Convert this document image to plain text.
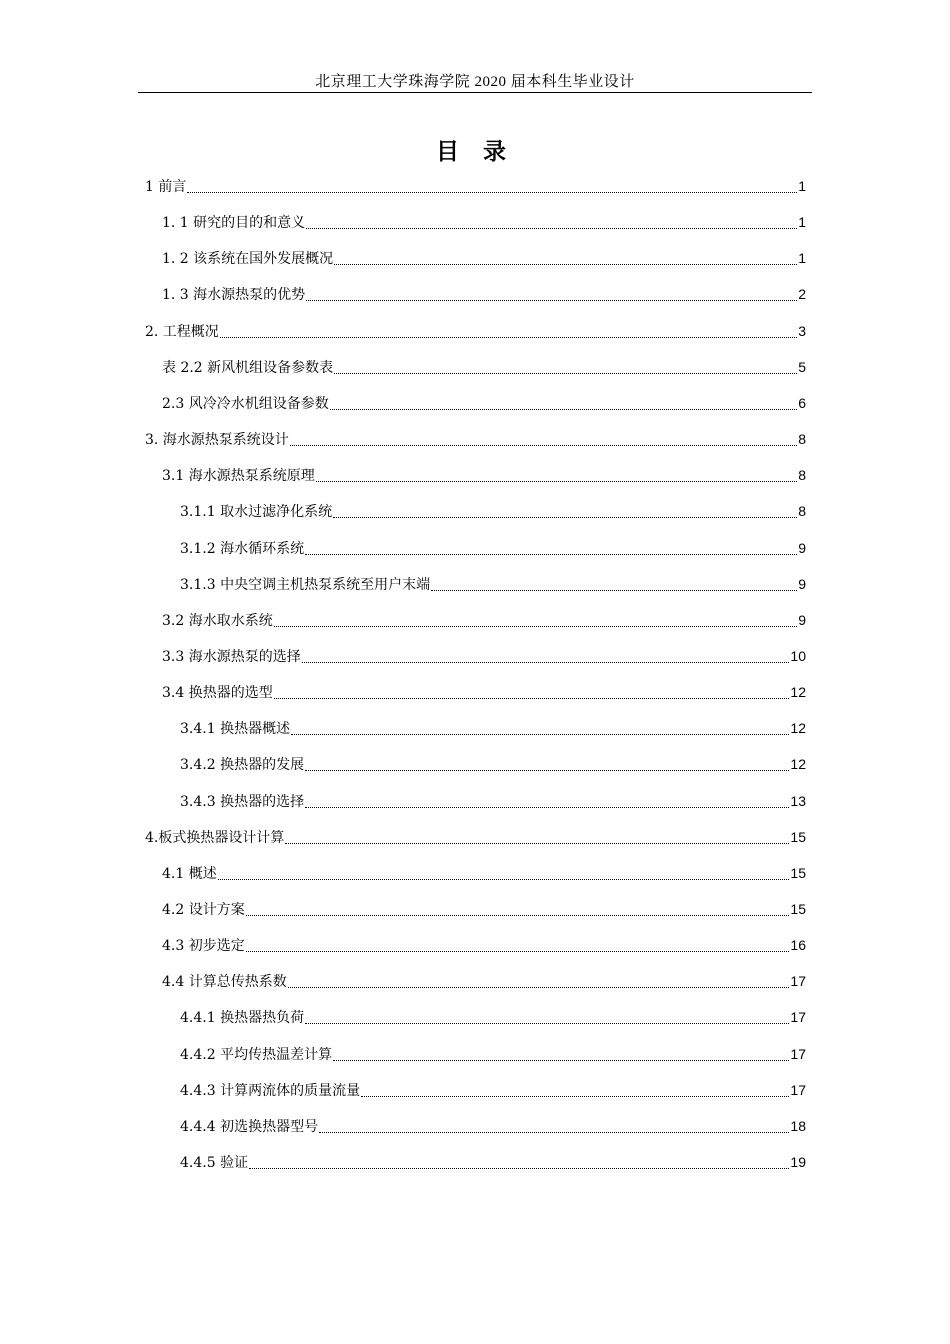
北京理工大学珠海学院 2020 届本科生毕业设计
目 录
1 前言	1
1. 1 研究的目的和意义	1
1. 2 该系统在国外发展概况	1
1. 3 海水源热泵的优势	2
2. 工程概况	3
表 2.2 新风机组设备参数表	5
2.3 风冷冷水机组设备参数	6
3. 海水源热泵系统设计	8
3.1 海水源热泵系统原理	8
3.1.1 取水过滤净化系统	8
3.1.2 海水循环系统	9
3.1.3 中央空调主机热泵系统至用户末端	9
3.2 海水取水系统	9
3.3 海水源热泵的选择	10
3.4 换热器的选型	12
3.4.1 换热器概述	12
3.4.2 换热器的发展	12
3.4.3 换热器的选择	13
4.板式换热器设计计算	15
4.1 概述	15
4.2 设计方案	15
4.3 初步选定	16
4.4 计算总传热系数	17
4.4.1 换热器热负荷	17
4.4.2 平均传热温差计算	17
4.4.3 计算两流体的质量流量	17
4.4.4 初选换热器型号	18
4.4.5 验证	19
